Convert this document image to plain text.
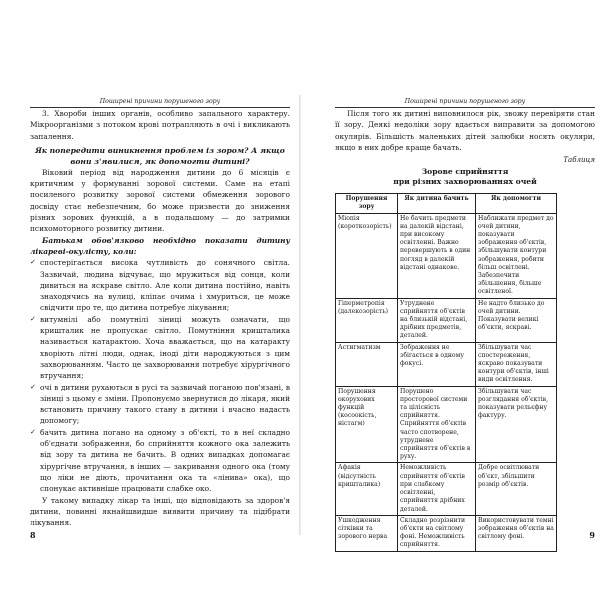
Поширені причини порушеного зору

3. Хвороби інших органів, особливо запального характеру. Мікроорганізми з потоком крові потрапляють в очі і викликають запалення.

Як попередити виникнення проблем із зором? А якщо вони з'явилися, як допомогти дитині?

Віковий період від народження дитини до 6 місяців є критичним у формуванні зорової системи. Саме на етапі посиленого розвитку зорової системи обмеження зорового досвіду стає небезпечним, бо може призвести до зниження різних зорових функцій, а в подальшому — до затримки психомоторного розвитку дитини.

Батькам обов'язково необхідно показати дитину лікареві-окулісту, коли:

✓ спостерігається висока чутливість до сонячного світла. Зазвичай, людина відчуває, що мружиться від сонця, коли дивиться на яскраве світло. Але коли дитина постійно, навіть знаходячись на вулиці, кліпає очима і хмуриться, це може свідчити про те, що дитина потребує лікування;
✓ витумнілі або помутнілі зіниці можуть означати, що кришталик не пропускає світло. Помутніння кришталика називається катарактою. Хоча вважається, що на катаракту хворіють літні люди, однак, іноді діти народжуються з цим захворюванням. Часто це захворювання потребує хірургічного втручання;
✓ очі в дитини рухаються в русі та зазвичай поганою пов'язані, в зіниці з цьому є зміни. Пропонуємо звернутися до лікаря, який встановить причину такого стану в дитини і вчасно надасть допомогу;
✓ бачить дитина погано на одному з об'єкті, то в неї складно об'єднати зображення, бо сприйняття кожного ока залежить від зору та дитина не бачить. В одних випадках допомагає хірургічне втручання, в інших — закривання одного ока (тому що ліки не діють, прочитання ока та «лінива» ока), що спонукає активніше працювати слабке око.

У такому випадку лікар та інші, що відповідають за здоров'я дитини, повинні якнайшвидше виявити причину та підібрати лікування.

8
Поширені причини порушеного зору

Після того як дитині виповнилося рік, звожу перевіряти стан її зору. Деякі недоліки зору вдається виправити за допомогою окулярів. Більшість маленьких дітей залюбки носять окуляри, якщо в них добре краще бачать.

Таблиця
Зорове сприйняття
при різних захворюваннях очей
Порушення зору	Як дитина бачить	Як допомогти
Міопія (короткозорість)	Не бачить предмети на далекій відстані, при високому освітленні. Важно перевершують в один погляд в далекій відстані однакове.	Наближати предмет до очей дитини, показувати зображення об'єктів, збільшувати контури зображення, робити більш освітлені. Забезпечити збільшення, більше освітленої.
Гіперметропія (далекозорість)	Утруднене сприйняття об'єктів на близькій відстані, дрібних предметів, деталей.	Не надто близько до очей дитини. Показувати великі об'єкти, яскраві.
Астигматизм	Зображення не збігається в одному фокусі.	Збільшувати час спостереження, яскраво показувати контури об'єктів, інші види освітлення.
Порушення окорухових функцій (косоокість, ністагм)	Порушено просторової системи та цілісність сприйняття. Сприйняття об'єктів часто спотворене, утруднене сприйняття об'єктів в руху.	Збільшувати час розглядання об'єктів, показувати рельєфну фактуру.
Афакія (відсутність кришталика)	Неможливість сприйняття об'єктів при слабкому освітленні, сприйняття дрібних деталей.	Добре освітлювати об'єкт, збільшити розмір об'єктів.
Ушкодження сітківки та зорового нерва	Складно розрізнити об'єкти на світлому фоні. Неможливість сприйняття.	Використовувати темні зображення об'єктів на світлому фоні.	9
